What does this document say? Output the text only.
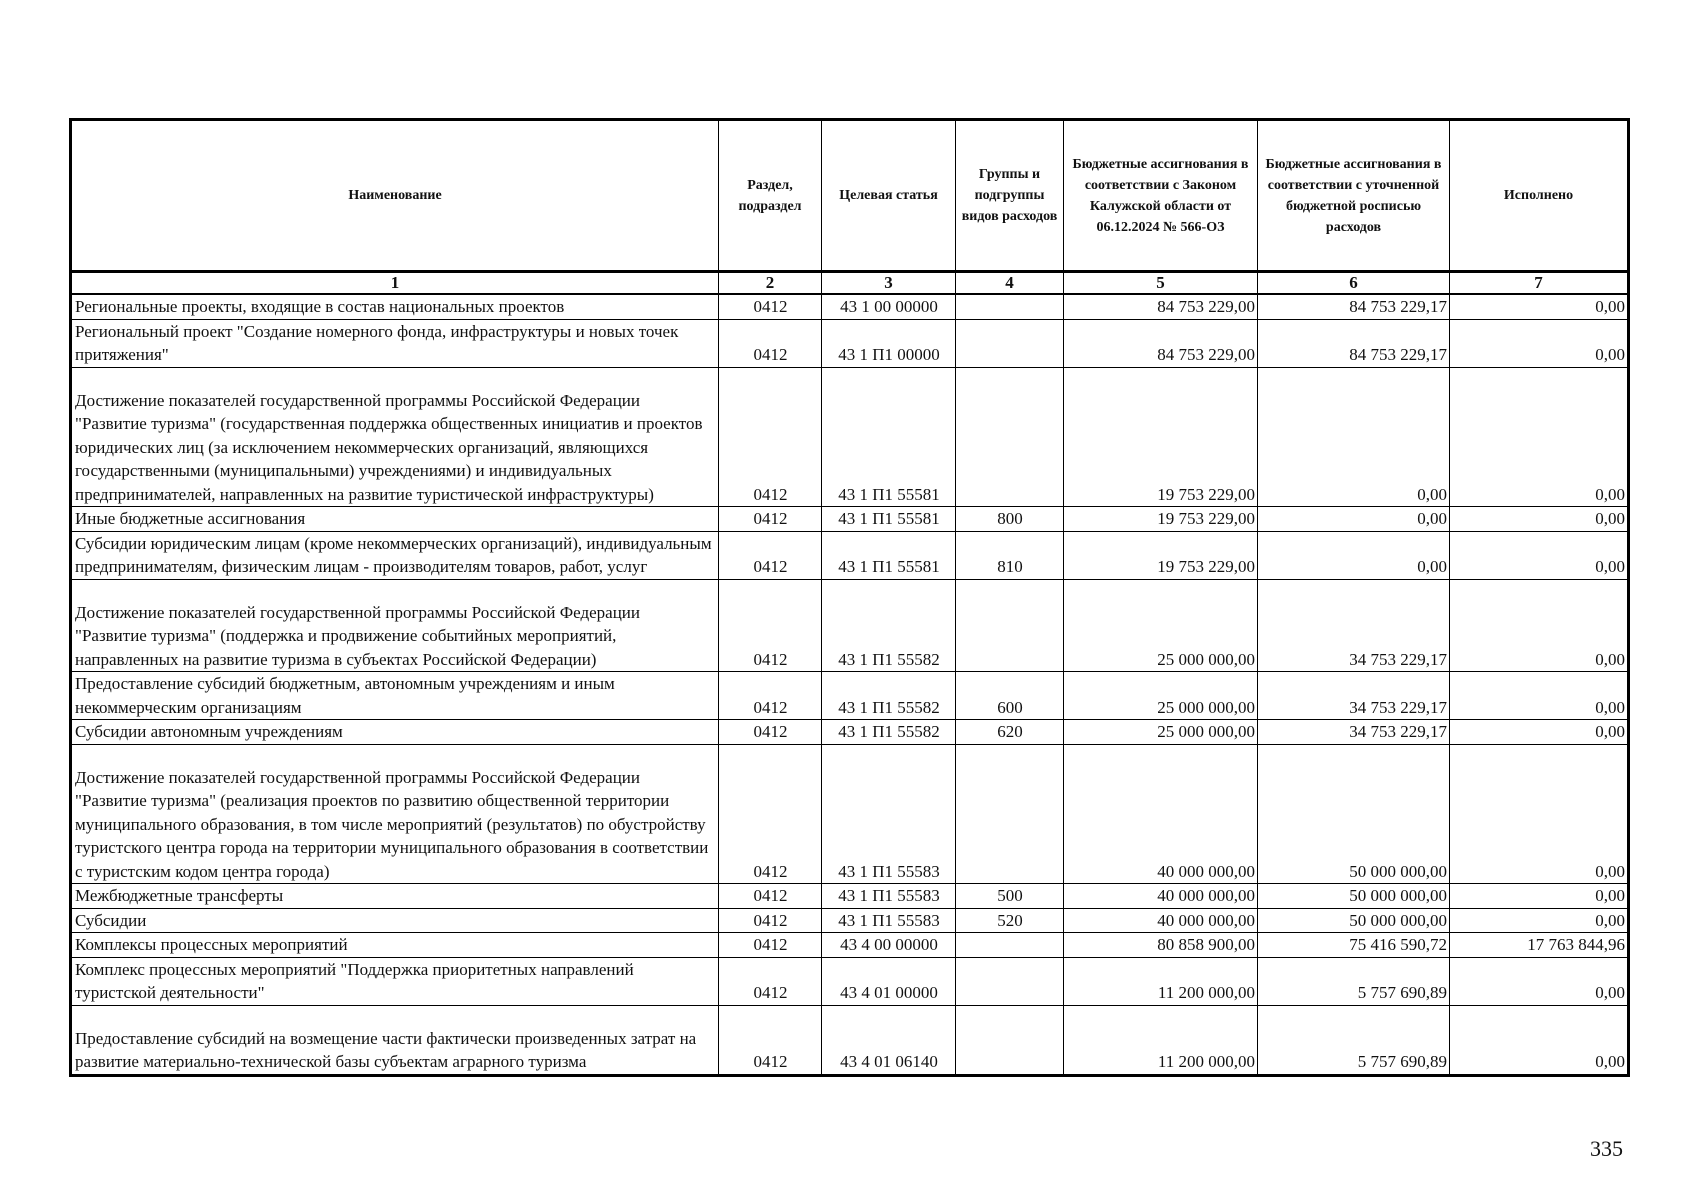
Наименование	Раздел, подраздел	Целевая статья	Группы и подгруппы видов расходов	Бюджетные ассигнования в соответствии с Законом Калужской области от 06.12.2024 № 566-ОЗ	Бюджетные ассигнования в соответствии с уточненной бюджетной росписью расходов	Исполнено
1	2	3	4	5	6	7
Региональные проекты, входящие в состав национальных проектов	0412	43 1 00 00000		84 753 229,00	84 753 229,17	0,00
Региональный проект "Создание номерного фонда, инфраструктуры и новых точек притяжения"	0412	43 1 П1 00000		84 753 229,00	84 753 229,17	0,00
Достижение показателей государственной программы Российской Федерации "Развитие туризма" (государственная поддержка общественных инициатив и проектов юридических лиц (за исключением некоммерческих организаций, являющихся государственными (муниципальными) учреждениями) и индивидуальных предпринимателей, направленных на развитие туристической инфраструктуры)	0412	43 1 П1 55581		19 753 229,00	0,00	0,00
Иные бюджетные ассигнования	0412	43 1 П1 55581	800	19 753 229,00	0,00	0,00
Субсидии юридическим лицам (кроме некоммерческих организаций), индивидуальным предпринимателям, физическим лицам - производителям товаров, работ, услуг	0412	43 1 П1 55581	810	19 753 229,00	0,00	0,00
Достижение показателей государственной программы Российской Федерации "Развитие туризма" (поддержка и продвижение событийных мероприятий, направленных на развитие туризма в субъектах Российской Федерации)	0412	43 1 П1 55582		25 000 000,00	34 753 229,17	0,00
Предоставление субсидий бюджетным, автономным учреждениям и иным некоммерческим организациям	0412	43 1 П1 55582	600	25 000 000,00	34 753 229,17	0,00
Субсидии автономным учреждениям	0412	43 1 П1 55582	620	25 000 000,00	34 753 229,17	0,00
Достижение показателей государственной программы Российской Федерации "Развитие туризма" (реализация проектов по развитию общественной территории муниципального образования, в том числе мероприятий (результатов) по обустройству туристского центра города на территории муниципального образования в соответствии с туристским кодом центра города)	0412	43 1 П1 55583		40 000 000,00	50 000 000,00	0,00
Межбюджетные трансферты	0412	43 1 П1 55583	500	40 000 000,00	50 000 000,00	0,00
Субсидии	0412	43 1 П1 55583	520	40 000 000,00	50 000 000,00	0,00
Комплексы процессных мероприятий	0412	43 4 00 00000		80 858 900,00	75 416 590,72	17 763 844,96
Комплекс процессных мероприятий "Поддержка приоритетных направлений туристской деятельности"	0412	43 4 01 00000		11 200 000,00	5 757 690,89	0,00
Предоставление субсидий на возмещение части фактически произведенных затрат на развитие материально-технической базы субъектам аграрного туризма	0412	43 4 01 06140		11 200 000,00	5 757 690,89	0,00
335
